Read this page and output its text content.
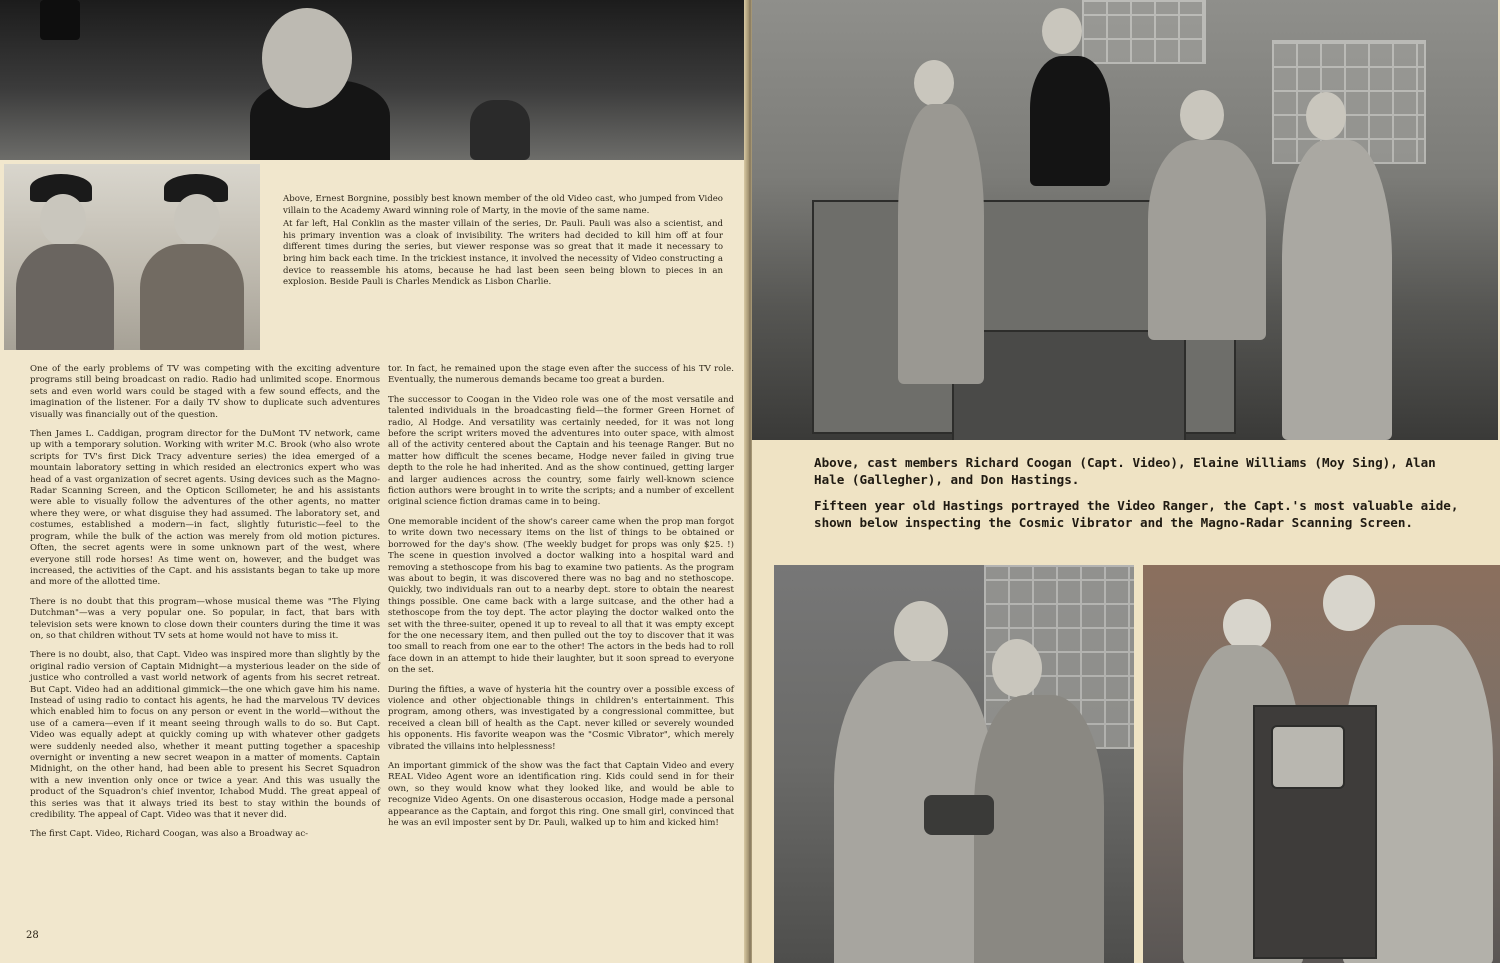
Above, Ernest Borgnine, possibly best known member of the old Video cast, who jumped from Video villain to the Academy Award winning role of Marty, in the movie of the same name.

At far left, Hal Conklin as the master villain of the series, Dr. Pauli. Pauli was also a scientist, and his primary invention was a cloak of invisibility. The writers had decided to kill him off at four different times during the series, but viewer response was so great that it made it necessary to bring him back each time. In the trickiest instance, it involved the necessity of Video constructing a device to reassemble his atoms, because he had last been seen being blown to pieces in an explosion. Beside Pauli is Charles Mendick as Lisbon Charlie.

One of the early problems of TV was competing with the exciting adventure programs still being broadcast on radio. Radio had unlimited scope. Enormous sets and even world wars could be staged with a few sound effects, and the imagination of the listener. For a daily TV show to duplicate such adventures visually was financially out of the question.

Then James L. Caddigan, program director for the DuMont TV network, came up with a temporary solution. Working with writer M.C. Brook (who also wrote scripts for TV's first Dick Tracy adventure series) the idea emerged of a mountain laboratory setting in which resided an electronics expert who was head of a vast organization of secret agents. Using devices such as the Magno-Radar Scanning Screen, and the Opticon Scillometer, he and his assistants were able to visually follow the adventures of the other agents, no matter where they were, or what disguise they had assumed. The laboratory set, and costumes, established a modern—in fact, slightly futuristic—feel to the program, while the bulk of the action was merely from old motion pictures. Often, the secret agents were in some unknown part of the west, where everyone still rode horses! As time went on, however, and the budget was increased, the activities of the Capt. and his assistants began to take up more and more of the allotted time.

There is no doubt that this program—whose musical theme was "The Flying Dutchman"—was a very popular one. So popular, in fact, that bars with television sets were known to close down their counters during the time it was on, so that children without TV sets at home would not have to miss it.

There is no doubt, also, that Capt. Video was inspired more than slightly by the original radio version of Captain Midnight—a mysterious leader on the side of justice who controlled a vast world network of agents from his secret retreat. But Capt. Video had an additional gimmick—the one which gave him his name. Instead of using radio to contact his agents, he had the marvelous TV devices which enabled him to focus on any person or event in the world—without the use of a camera—even if it meant seeing through walls to do so. But Capt. Video was equally adept at quickly coming up with whatever other gadgets were suddenly needed also, whether it meant putting together a spaceship overnight or inventing a new secret weapon in a matter of moments. Captain Midnight, on the other hand, had been able to present his Secret Squadron with a new invention only once or twice a year. And this was usually the product of the Squadron's chief inventor, Ichabod Mudd. The great appeal of this series was that it always tried its best to stay within the bounds of credibility. The appeal of Capt. Video was that it never did.

The first Capt. Video, Richard Coogan, was also a Broadway ac-

tor. In fact, he remained upon the stage even after the success of his TV role. Eventually, the numerous demands became too great a burden.

The successor to Coogan in the Video role was one of the most versatile and talented individuals in the broadcasting field—the former Green Hornet of radio, Al Hodge. And versatility was certainly needed, for it was not long before the script writers moved the adventures into outer space, with almost all of the activity centered about the Captain and his teenage Ranger. But no matter how difficult the scenes became, Hodge never failed in giving true depth to the role he had inherited. And as the show continued, getting larger and larger audiences across the country, some fairly well-known science fiction authors were brought in to write the scripts; and a number of excellent original science fiction dramas came in to being.

One memorable incident of the show's career came when the prop man forgot to write down two necessary items on the list of things to be obtained or borrowed for the day's show. (The weekly budget for props was only $25. !) The scene in question involved a doctor walking into a hospital ward and removing a stethoscope from his bag to examine two patients. As the program was about to begin, it was discovered there was no bag and no stethoscope. Quickly, two individuals ran out to a nearby dept. store to obtain the nearest things possible. One came back with a large suitcase, and the other had a stethoscope from the toy dept. The actor playing the doctor walked onto the set with the three-suiter, opened it up to reveal to all that it was empty except for the one necessary item, and then pulled out the toy to discover that it was too small to reach from one ear to the other! The actors in the beds had to roll face down in an attempt to hide their laughter, but it soon spread to everyone on the set.

During the fifties, a wave of hysteria hit the country over a possible excess of violence and other objectionable things in children's entertainment. This program, among others, was investigated by a congressional committee, but received a clean bill of health as the Capt. never killed or severely wounded his opponents. His favorite weapon was the "Cosmic Vibrator", which merely vibrated the villains into helplessness!

An important gimmick of the show was the fact that Captain Video and every REAL Video Agent wore an identification ring. Kids could send in for their own, so they would know what they looked like, and would be able to recognize Video Agents. On one disasterous occasion, Hodge made a personal appearance as the Captain, and forgot this ring. One small girl, convinced that he was an evil imposter sent by Dr. Pauli, walked up to him and kicked him!

28

Above, cast members Richard Coogan (Capt. Video), Elaine Williams (Moy Sing), Alan Hale (Gallegher), and Don Hastings.

Fifteen year old Hastings portrayed the Video Ranger, the Capt.'s most valuable aide, shown below inspecting the Cosmic Vibrator and the Magno-Radar Scanning Screen.
